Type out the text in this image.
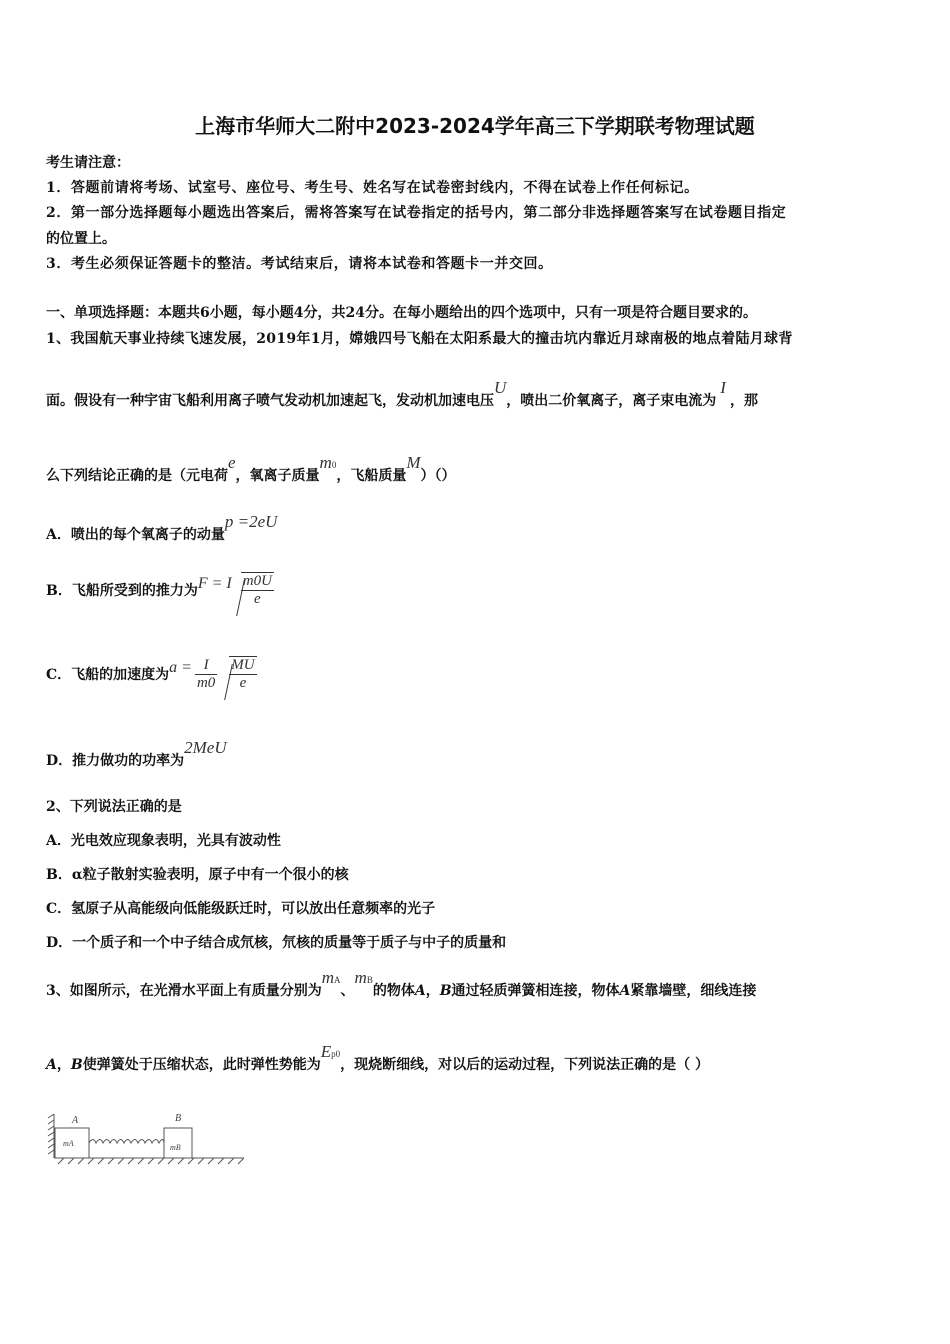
上海市华师大二附中2023-2024学年高三下学期联考物理试题
考生请注意：
1．答题前请将考场、试室号、座位号、考生号、姓名写在试卷密封线内，不得在试卷上作任何标记。
2．第一部分选择题每小题选出答案后，需将答案写在试卷指定的括号内，第二部分非选择题答案写在试卷题目指定
的位置上。
3．考生必须保证答题卡的整洁。考试结束后，请将本试卷和答题卡一并交回。
一、单项选择题：本题共6小题，每小题4分，共24分。在每小题给出的四个选项中，只有一项是符合题目要求的。
1、我国航天事业持续飞速发展，2019年1月，嫦娥四号飞船在太阳系最大的撞击坑内靠近月球南极的地点着陆月球背
面。假设有一种宇宙飞船利用离子喷气发动机加速起飞，发动机加速电压U，喷出二价氧离子，离子束电流为I，那
么下列结论正确的是（元电荷e，氧离子质量m0，飞船质量M）（）
A．喷出的每个氧离子的动量p =2eU
B．飞船所受到的推力为F = I $\frac{m0U}{e}$
C．飞船的加速度为$a = \frac{I}{m0} \frac{MU}{e}$
D．推力做功的功率为2MeU
2、下列说法正确的是
A．光电效应现象表明，光具有波动性
B．α粒子散射实验表明，原子中有一个很小的核
C．氢原子从高能级向低能级跃迁时，可以放出任意频率的光子
D．一个质子和一个中子结合成氘核，氘核的质量等于质子与中子的质量和
3、如图所示，在光滑水平面上有质量分别为mA、mB的物体A，B通过轻质弹簧相连接，物体A紧靠墙壁，细线连接
A，B使弹簧处于压缩状态，此时弹性势能为Ep0，现烧断细线，对以后的运动过程，下列说法正确的是（ ）
A	B
mA	mB
